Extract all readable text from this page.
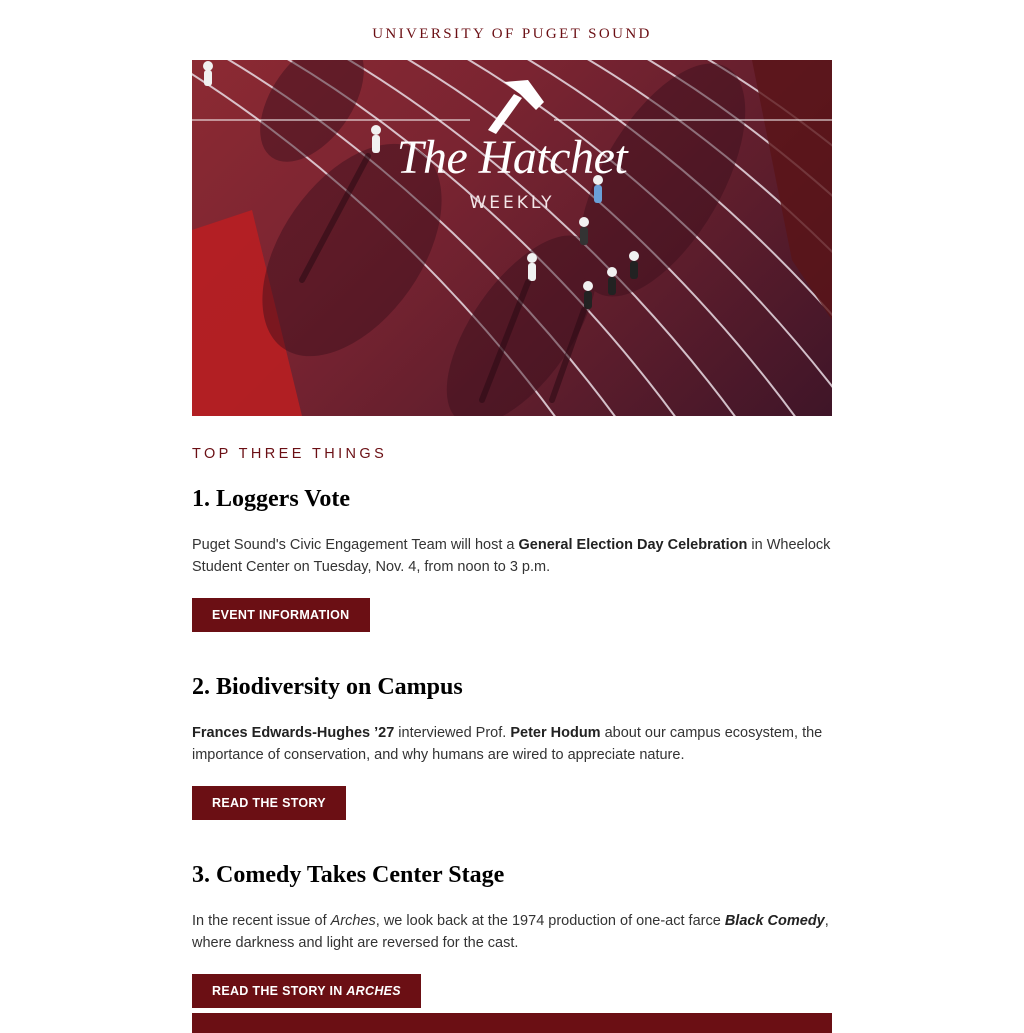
UNIVERSITY OF PUGET SOUND
The Hatchet
WEEKLY
TOP THREE THINGS
1. Loggers Vote

Puget Sound's Civic Engagement Team will host a General Election Day Celebration in Wheelock Student Center on Tuesday, Nov. 4, from noon to 3 p.m.

EVENT INFORMATION
2. Biodiversity on Campus

Frances Edwards-Hughes ’27 interviewed Prof. Peter Hodum about our campus ecosystem, the importance of conservation, and why humans are wired to appreciate nature.

READ THE STORY
3. Comedy Takes Center Stage

In the recent issue of Arches, we look back at the 1974 production of one-act farce Black Comedy, where darkness and light are reversed for the cast.

READ THE STORY IN ARCHES
